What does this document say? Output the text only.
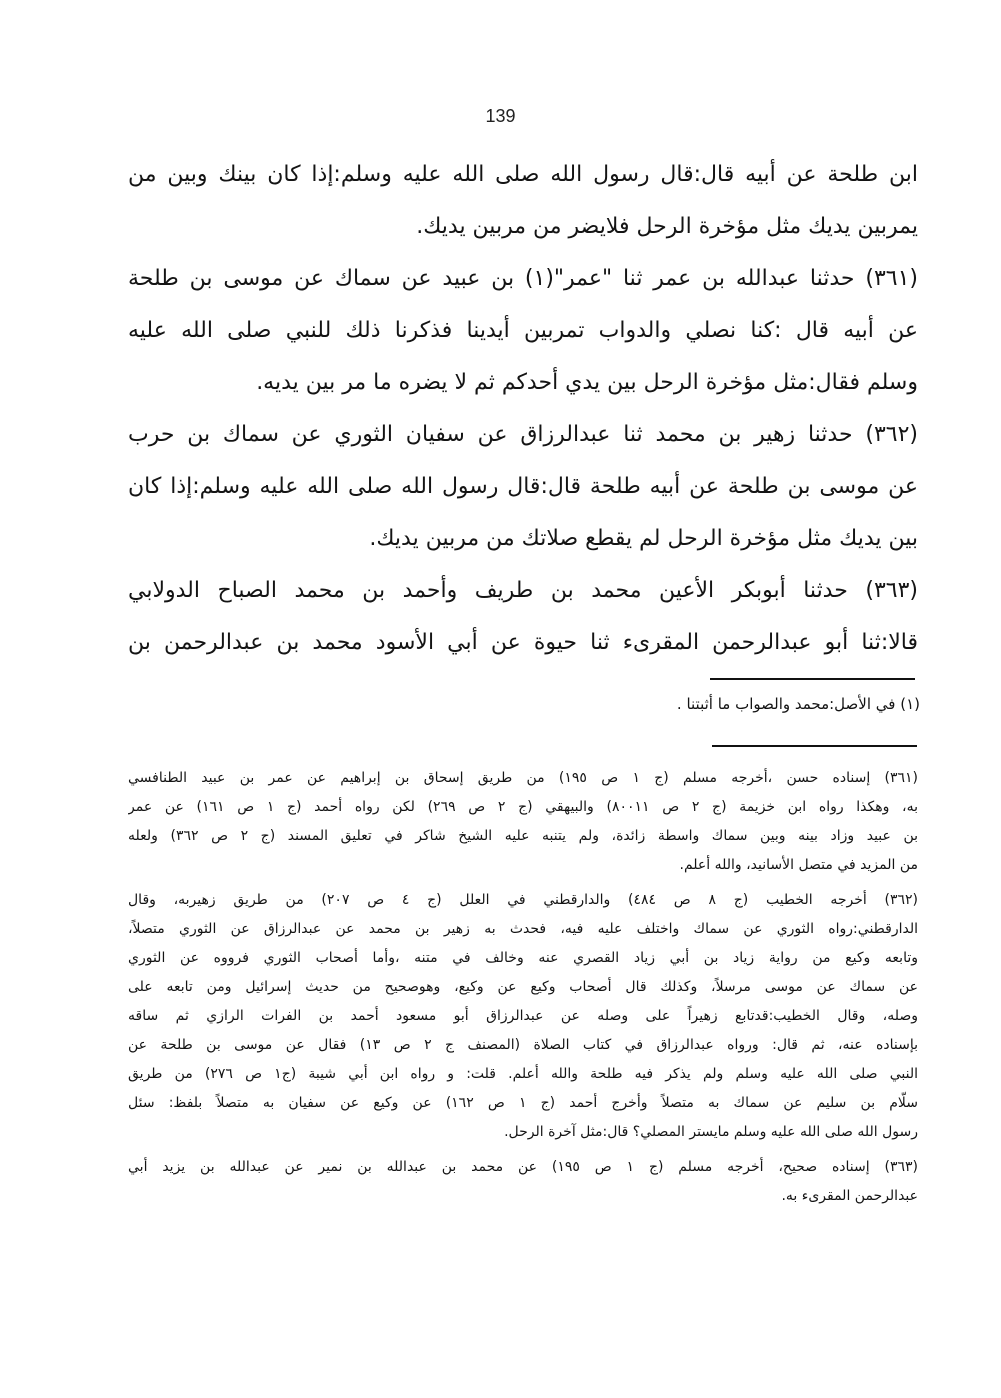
139
ابن طلحة عن أبيه قال:قال رسول الله صلى الله عليه وسلم:إذا كان بينك وبين من
يمربين يديك مثل مؤخرة الرحل فلايضر من مربين يديك.
(٣٦١) حدثنا عبدالله بن عمر ثنا "عمر"(١) بن عبيد عن سماك عن موسى بن طلحة
عن أبيه قال :كنا نصلي والدواب تمربين أيدينا فذكرنا ذلك للنبي صلى الله عليه
وسلم فقال:مثل مؤخرة الرحل بين يدي أحدكم ثم لا يضره ما مر بين يديه.
(٣٦٢) حدثنا زهير بن محمد ثنا عبدالرزاق عن سفيان الثوري عن سماك بن حرب
عن موسى بن طلحة عن أبيه طلحة قال:قال رسول الله صلى الله عليه وسلم:إذا كان
بين يديك مثل مؤخرة الرحل لم يقطع صلاتك من مربين يديك.
(٣٦٣) حدثنا أبوبكر الأعين محمد بن طريف وأحمد بن محمد الصباح الدولابي
قالا:ثنا أبو عبدالرحمن المقرىء ثنا حيوة عن أبي الأسود محمد بن عبدالرحمن بن
(١) في الأصل:محمد والصواب ما أثبتنا .
(٣٦١) إسناده حسن ،أخرجه مسلم (ج ١ ص ١٩٥) من طريق إسحاق بن إبراهيم عن عمر بن عبيد الطنافسي
به، وهكذا رواه ابن خزيمة (ج ٢ ص ٨٠٠١١) والبيهقي (ج ٢ ص ٢٦٩) لكن رواه أحمد (ج ١ ص ١٦١) عن عمر
بن عبيد وزاد بينه وبين سماك واسطة زائدة، ولم يتنبه عليه الشيخ شاكر في تعليق المسند (ج ٢ ص ٣٦٢) ولعله
من المزيد في متصل الأسانيد، والله أعلم.
(٣٦٢) أخرجه الخطيب (ج ٨ ص ٤٨٤) والدارقطني في العلل (ج ٤ ص ٢٠٧) من طريق زهيربه، وقال
الدارقطني:رواه الثوري عن سماك واختلف عليه فيه، فحدث به زهير بن محمد عن عبدالرزاق عن الثوري متصلاً،
وتابعه وكيع من رواية زياد بن أبي زياد القصري عنه وخالف في متنه ،وأما أصحاب الثوري فرووه عن الثوري
عن سماك عن موسى مرسلاً، وكذلك قال أصحاب وكيع عن وكيع، وهوصحيح من حديث إسرائيل ومن تابعه على
وصله، وقال الخطيب:قدتابع زهيراً على وصله عن عبدالرزاق أبو مسعود أحمد بن الفرات الرازي ثم ساقه
بإسناده عنه، ثم قال: ورواه عبدالرزاق في كتاب الصلاة (المصنف ج ٢ ص ١٣) فقال عن موسى بن طلحة عن
النبي صلى الله عليه وسلم ولم يذكر فيه طلحة والله أعلم. قلت: و رواه ابن أبي شيبة (ج١ ص ٢٧٦) من طريق
سلّام بن سليم عن سماك به متصلاً وأخرج أحمد (ج ١ ص ١٦٢) عن وكيع عن سفيان به متصلاً بلفظ: سئل
رسول الله صلى الله عليه وسلم مايستر المصلي؟ قال:مثل آخرة الرحل.
(٣٦٣) إسناده صحيح، أخرجه مسلم (ج ١ ص ١٩٥) عن محمد بن عبدالله بن نمير عن عبدالله بن يزيد أبي
عبدالرحمن المقرىء به.
